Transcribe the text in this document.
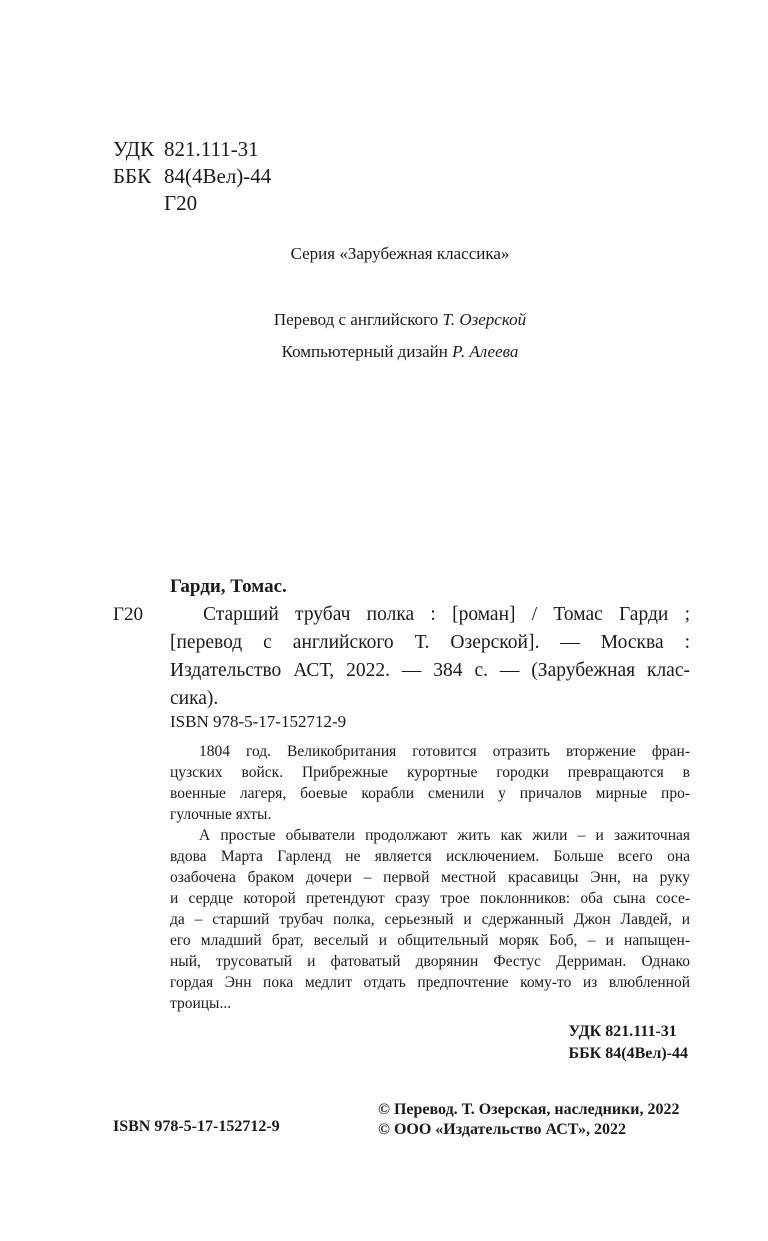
УДК 821.111-31
ББК 84(4Вел)-44
Г20
Серия «Зарубежная классика»
Перевод с английского Т. Озерской
Компьютерный дизайн Р. Алеева
Гарди, Томас.
Г20	Старший трубач полка : [роман] / Томас Гарди ;
[перевод с английского Т. Озерской]. — Москва :
Издательство АСТ, 2022. — 384 с. — (Зарубежная клас-
сика).
ISBN 978-5-17-152712-9
1804 год. Великобритания готовится отразить вторжение фран-
цузских войск. Прибрежные курортные городки превращаются в
военные лагеря, боевые корабли сменили у причалов мирные про-
гулочные яхты.
А простые обыватели продолжают жить как жили – и зажиточная
вдова Марта Гарленд не является исключением. Больше всего она
озабочена браком дочери – первой местной красавицы Энн, на руку
и сердце которой претендуют сразу трое поклонников: оба сына сосе-
да – старший трубач полка, серьезный и сдержанный Джон Лавдей, и
его младший брат, веселый и общительный моряк Боб, – и напыщен-
ный, трусоватый и фатоватый дворянин Фестус Дерриман. Однако
гордая Энн пока медлит отдать предпочтение кому-то из влюбленной
троицы...
УДК 821.111-31
ББК 84(4Вел)-44
ISBN 978-5-17-152712-9
© Перевод. Т. Озерская, наследники, 2022
© ООО «Издательство АСТ», 2022
